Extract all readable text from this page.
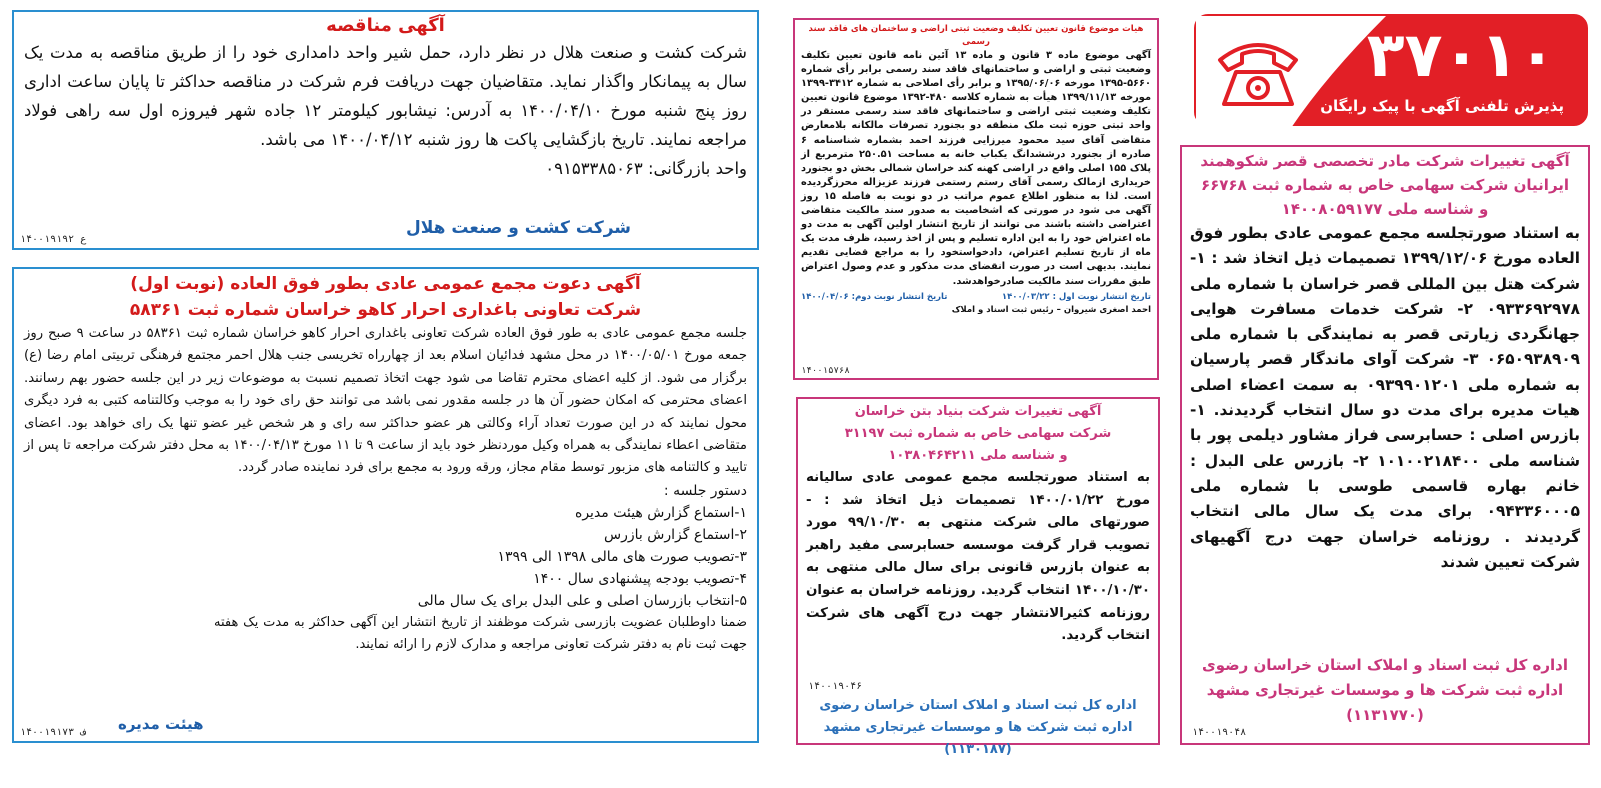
آگهی مناقصه

شرکت کشت و صنعت هلال در نظر دارد، حمل شیر واحد دامداری خود را از طریق مناقصه به مدت یک سال به پیمانکار واگذار نماید. متقاضیان جهت دریافت فرم شرکت در مناقصه حداکثر تا پایان ساعت اداری روز پنج شنبه مورخ ۱۴۰۰/۰۴/۱۰ به آدرس: نیشابور کیلومتر ۱۲ جاده شهر فیروزه اول سه راهی فولاد مراجعه نمایند. تاریخ بازگشایی پاکت ها روز شنبه ۱۴۰۰/۰۴/۱۲ می باشد.

واحد بازرگانی: ۰۹۱۵۳۳۸۵۰۶۳

شرکت کشت و صنعت هلال
۱۴۰۰۱۹۱۹۲ ع
آگهی دعوت مجمع عمومی عادی بطور فوق العاده (نوبت اول)
شرکت تعاونی باغداری احرار کاهو خراسان شماره ثبت ۵۸۳۶۱

جلسه مجمع عمومی عادی به طور فوق العاده شرکت تعاونی باغداری احرار کاهو خراسان شماره ثبت ۵۸۳۶۱ در ساعت ۹ صبح روز جمعه مورخ ۱۴۰۰/۰۵/۰۱ در محل مشهد فدائیان اسلام بعد از چهارراه تخریسی جنب هلال احمر مجتمع فرهنگی تربیتی امام رضا (ع) برگزار می شود. از کلیه اعضای محترم تقاضا می شود جهت اتخاذ تصمیم نسبت به موضوعات زیر در این جلسه حضور بهم رسانند. اعضای محترمی که امکان حضور آن ها در جلسه مقدور نمی باشد می توانند حق رای خود را به موجب وکالتنامه کتبی به فرد دیگری محول نمایند که در این صورت تعداد آراء وکالتی هر عضو حداکثر سه رای و هر شخص غیر عضو تنها یک رای خواهد بود. اعضای متقاضی اعطاء نمایندگی به همراه وکیل موردنظر خود باید از ساعت ۹ تا ۱۱ مورخ ۱۴۰۰/۰۴/۱۳ به محل دفتر شرکت مراجعه تا پس از تایید و کالتنامه های مزبور توسط مقام مجاز، ورقه ورود به مجمع برای فرد نماینده صادر گردد.

دستور جلسه :

۱-استماع گزارش هیئت مدیره
۲-استماع گزارش بازرس
۳-تصویب صورت های مالی ۱۳۹۸ الی ۱۳۹۹
۴-تصویب بودجه پیشنهادی سال ۱۴۰۰
۵-انتخاب بازرسان اصلی و علی البدل برای یک سال مالی

ضمنا داوطلبان عضویت بازرسی شرکت موظفند از تاریخ انتشار این آگهی حداکثر به مدت یک هفته جهت ثبت نام به دفتر شرکت تعاونی مراجعه و مدارک لازم را ارائه نمایند.

هیئت مدیره
۱۴۰۰۱۹۱۷۳ ف
هیات موضوع قانون تعیین تکلیف وضعیت ثبتی اراضی و ساختمان های فاقد سند رسمی

آگهی موضوع ماده ۳ قانون و ماده ۱۳ آئین نامه قانون تعیین تکلیف وضعیت ثبتی و اراضی و ساختمانهای فاقد سند رسمی برابر رأی شماره ۵۶۶۰-۱۳۹۵ مورخه ۱۳۹۵/۰۶/۰۶ و برابر رأی اصلاحی به شماره ۳۴۱۲-۱۳۹۹ مورخه ۱۳۹۹/۱۱/۱۳ هیأت به شماره کلاسه ۴۸۰-۱۳۹۲ موضوع قانون تعیین تکلیف وضعیت ثبتی اراضی و ساختمانهای فاقد سند رسمی مستقر در واحد ثبتی حوزه ثبت ملک منطقه دو بجنورد تصرفات مالکانه بلامعارض متقاضی آقای سید محمود میرزایی فرزند احمد بشماره شناسنامه ۶ صادره از بجنورد درششدانگ یکباب خانه به مساحت ۲۵۰.۵۱ مترمربع از پلاک ۱۵۵ اصلی واقع در اراضی کهنه کند خراسان شمالی بخش دو بجنورد خریداری ازمالک رسمی آقای رستم رستمی فرزند عزیزاله محرزگردیده است. لذا به منظور اطلاع عموم مراتب در دو نوبت به فاصله ۱۵ روز آگهی می شود در صورتی که اشخاصیت به صدور سند مالکیت متقاضی اعتراضی داشته باشند می توانند از تاریخ انتشار اولین آگهی به مدت دو ماه اعتراض خود را به این اداره تسلیم و پس از اخذ رسید، ظرف مدت یک ماه از تاریخ تسلیم اعتراض، دادخواستخود را به مراجع قضایی تقدیم نمایند. بدیهی است در صورت انقضای مدت مذکور و عدم وصول اعتراض طبق مقررات سند مالکیت صادرخواهدشد.

تاریخ انتشار نوبت اول : ۱۴۰۰/۰۳/۲۲
تاریخ انتشار نوبت دوم: ۱۴۰۰/۰۴/۰۶

احمد اصغری شیروان – رئیس ثبت اسناد و املاک

۱۴۰۰۱۵۷۶۸
آگهی تغییرات شرکت بنیاد بتن خراسان
شرکت سهامی خاص به شماره ثبت ۳۱۱۹۷
و شناسه ملی ۱۰۳۸۰۴۶۴۲۱۱

به استناد صورتجلسه مجمع عمومی عادی سالیانه مورخ ۱۴۰۰/۰۱/۲۲ تصمیمات ذیل اتخاذ شد : - صورتهای مالی شرکت منتهی به ۹۹/۱۰/۳۰ مورد تصویب قرار گرفت موسسه حسابرسی مفید راهبر به عنوان بازرس قانونی برای سال مالی منتهی به ۱۴۰۰/۱۰/۳۰ انتخاب گردید. روزنامه خراسان به عنوان روزنامه کثیرالانتشار جهت درج آگهی های شرکت انتخاب گردید.

۱۴۰۰۱۹۰۴۶

اداره کل ثبت اسناد و املاک استان خراسان رضوی اداره ثبت شرکت ها و موسسات غیرتجاری مشهد (۱۱۳۰۱۸۷)

۳۷۰۱۰
پذیرش تلفنی آگهی با پیک رایگان
آگهی تغییرات شرکت مادر تخصصی قصر شکوهمند
ایرانیان شرکت سهامی خاص به شماره ثبت ۶۶۷۶۸
و شناسه ملی ۱۴۰۰۸۰۵۹۱۷۷

به استناد صورتجلسه مجمع عمومی عادی بطور فوق العاده مورخ ۱۳۹۹/۱۲/۰۶ تصمیمات ذیل اتخاذ شد : ۱- شرکت هتل بین المللی قصر خراسان با شماره ملی ۰۹۳۳۶۹۲۹۷۸ ۲- شرکت خدمات مسافرت هوایی جهانگردی زیارتی قصر به نمایندگی با شماره ملی ۰۶۵۰۹۳۸۹۰۹ ۳- شرکت آوای ماندگار قصر پارسیان به شماره ملی ۰۹۳۹۹۰۱۲۰۱ به سمت اعضاء اصلی هیات مدیره برای مدت دو سال انتخاب گردیدند. ۱- بازرس اصلی : حسابرسی فراز مشاور دیلمی پور با شناسه ملی ۱۰۱۰۰۲۱۸۴۰۰ ۲- بازرس علی البدل : خانم بهاره قاسمی طوسی با شماره ملی ۰۹۴۳۳۶۰۰۰۵ برای مدت یک سال مالی انتخاب گردیدند . روزنامه خراسان جهت درج آگهیهای شرکت تعیین شدند

اداره کل ثبت اسناد و املاک استان خراسان رضوی اداره ثبت شرکت ها و موسسات غیرتجاری مشهد (۱۱۳۱۷۷۰)

۱۴۰۰۱۹۰۴۸
